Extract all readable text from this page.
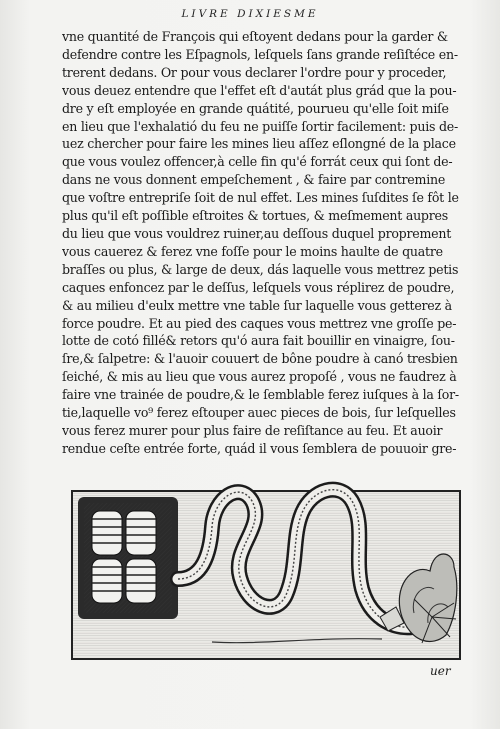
LIVRE DIXIESME
vne quantité de François qui eſtoyent dedans pour la garder &
defendre contre les Eſpagnols, leſquels ſans grande reſiſtéce en-
trerent dedans. Or pour vous declarer l'ordre pour y proceder,
vous deuez entendre que l'effet eſt d'autát plus grád que la pou-
dre y eſt employée en grande quátité, pourueu qu'elle ſoit miſe
en lieu que l'exhalatió du feu ne puiſſe ſortir facilement: puis de-
uez chercher pour faire les mines lieu aſſez eſlongné de la place
que vous voulez offencer,à celle fin qu'é forrát ceux qui ſont de-
dans ne vous donnent empeſchement , & faire par contremine
que voſtre entrepriſe ſoit de nul effet. Les mines ſuſdites ſe fôt le
plus qu'il eſt poſſible eſtroites & tortues, & meſmement aupres
du lieu que vous vouldrez ruiner,au deſſous duquel proprement
vous cauerez & ferez vne foſſe pour le moins haulte de quatre
braſſes ou plus, & large de deux, dás laquelle vous mettrez petis
caques enfoncez par le deſſus, leſquels vous réplirez de poudre,
& au milieu d'eulx mettre vne table ſur laquelle vous getterez à
force poudre. Et au pied des caques vous mettrez vne groſſe pe-
lotte de cotó fillé& retors qu'ó aura fait bouillir en vinaigre, ſou-
ſre,& ſalpetre: & l'auoir couuert de bône poudre à canó tresbien
ſeiché, & mis au lieu que vous aurez propoſé , vous ne faudrez à
faire vne trainée de poudre,& le ſemblable ferez iuſques à la ſor-
tie,laquelle vo⁹ ferez eſtouper auec pieces de bois, ſur leſquelles
vous ferez murer pour plus faire de reſiſtance au feu. Et auoir
rendue ceſte entrée forte, quád il vous ſemblera de pouuoir gre-
uer
